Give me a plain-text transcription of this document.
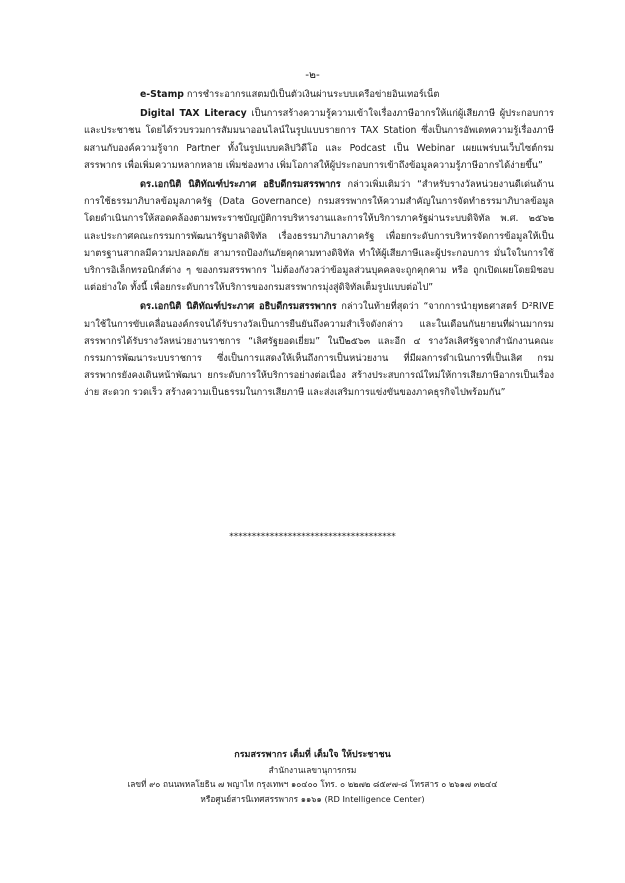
-๒-

e-Stamp การชำระอากรแสตมป์เป็นตัวเงินผ่านระบบเครือข่ายอินเทอร์เน็ต

Digital TAX Literacy เป็นการสร้างความรู้ความเข้าใจเรื่องภาษีอากรให้แก่ผู้เสียภาษี ผู้ประกอบการและประชาชน โดยได้รวบรวมการสัมมนาออนไลน์ในรูปแบบรายการ TAX Station ซึ่งเป็นการอัพเดทความรู้เรื่องภาษีผสานกับองค์ความรู้จาก Partner ทั้งในรูปแบบคลิปวิดีโอ และ Podcast เป็น Webinar เผยแพร่บนเว็บไซต์กรมสรรพากร เพื่อเพิ่มความหลากหลาย เพิ่มช่องทาง เพิ่มโอกาสให้ผู้ประกอบการเข้าถึงข้อมูลความรู้ภาษีอากรได้ง่ายขึ้น”

ดร.เอกนิติ นิติทัณฑ์ประภาศ อธิบดีกรมสรรพากร กล่าวเพิ่มเติมว่า “สำหรับรางวัลหน่วยงานดีเด่นด้านการใช้ธรรมาภิบาลข้อมูลภาครัฐ (Data Governance) กรมสรรพากรให้ความสำคัญในการจัดทำธรรมาภิบาลข้อมูล โดยดำเนินการให้สอดคล้องตามพระราชบัญญัติการบริหารงานและการให้บริการภาครัฐผ่านระบบดิจิทัล พ.ศ. ๒๕๖๒ และประกาศคณะกรรมการพัฒนารัฐบาลดิจิทัล เรื่องธรรมาภิบาลภาครัฐ เพื่อยกระดับการบริหารจัดการข้อมูลให้เป็นมาตรฐานสากลมีความปลอดภัย สามารถป้องกันภัยคุกคามทางดิจิทัล ทำให้ผู้เสียภาษีและผู้ประกอบการ มั่นใจในการใช้บริการอิเล็กทรอนิกส์ต่าง ๆ ของกรมสรรพากร ไม่ต้องกังวลว่าข้อมูลส่วนบุคคลจะถูกคุกคาม หรือ ถูกเปิดเผยโดยมิชอบแต่อย่างใด ทั้งนี้ เพื่อยกระดับการให้บริการของกรมสรรพากรมุ่งสู่ดิจิทัลเต็มรูปแบบต่อไป”

ดร.เอกนิติ นิติทัณฑ์ประภาศ อธิบดีกรมสรรพากร กล่าวในท้ายที่สุดว่า “จากการนำยุทธศาสตร์ D²RIVE มาใช้ในการขับเคลื่อนองค์กรจนได้รับรางวัลเป็นการยืนยันถึงความสำเร็จดังกล่าว และในเดือนกันยายนที่ผ่านมากรมสรรพากรได้รับรางวัลหน่วยงานราชการ “เลิศรัฐยอดเยี่ยม” ในปี๒๕๖๓ และอีก ๔ รางวัลเลิศรัฐจากสำนักงานคณะกรรมการพัฒนาระบบราชการ ซึ่งเป็นการแสดงให้เห็นถึงการเป็นหน่วยงาน ที่มีผลการดำเนินการที่เป็นเลิศ กรมสรรพากรยังคงเดินหน้าพัฒนา ยกระดับการให้บริการอย่างต่อเนื่อง สร้างประสบการณ์ใหม่ให้การเสียภาษีอากรเป็นเรื่องง่าย สะดวก รวดเร็ว สร้างความเป็นธรรมในการเสียภาษี และส่งเสริมการแข่งขันของภาคธุรกิจไปพร้อมกัน”

*************************************
กรมสรรพากร เต็มที่ เต็มใจ ให้ประชาชน
สำนักงานเลขานุการกรม
เลขที่ ๙๐ ถนนพหลโยธิน ๗ พญาไท กรุงเทพฯ ๑๐๔๐๐ โทร. ๐ ๒๒๗๒ ๘๕๙๗-๘ โทรสาร ๐ ๒๖๑๗ ๓๒๔๔
หรือศูนย์สารนิเทศสรรพากร ๑๑๖๑ (RD Intelligence Center)
